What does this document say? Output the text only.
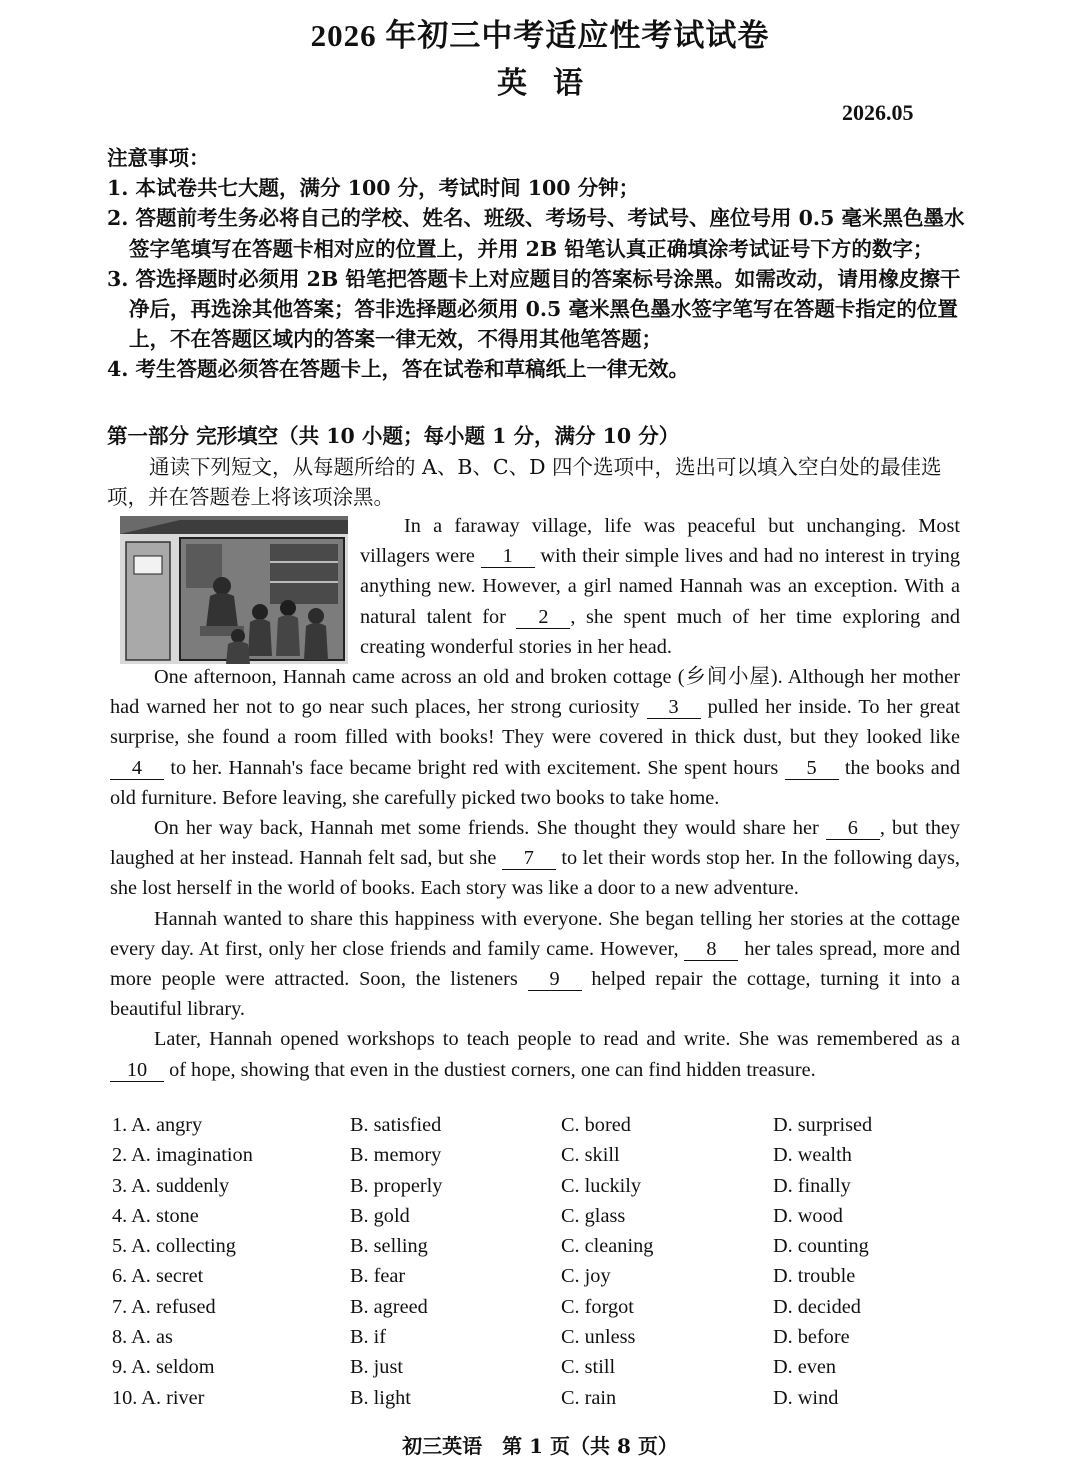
2026 年初三中考适应性考试试卷
英语
2026.05
注意事项：
1. 本试卷共七大题，满分 100 分，考试时间 100 分钟；
2. 答题前考生务必将自己的学校、姓名、班级、考场号、考试号、座位号用 0.5 毫米黑色墨水签字笔填写在答题卡相对应的位置上，并用 2B 铅笔认真正确填涂考试证号下方的数字；
3. 答选择题时必须用 2B 铅笔把答题卡上对应题目的答案标号涂黑。如需改动，请用橡皮擦干净后，再选涂其他答案；答非选择题必须用 0.5 毫米黑色墨水签字笔写在答题卡指定的位置上，不在答题区域内的答案一律无效，不得用其他笔答题；
4. 考生答题必须答在答题卡上，答在试卷和草稿纸上一律无效。
第一部分 完形填空（共 10 小题；每小题 1 分，满分 10 分）
通读下列短文，从每题所给的 A、B、C、D 四个选项中，选出可以填入空白处的最佳选项，并在答题卷上将该项涂黑。

In a faraway village, life was peaceful but unchanging. Most villagers were 1 with their simple lives and had no interest in trying anything new. However, a girl named Hannah was an exception. With a natural talent for 2 , she spent much of her time exploring and creating wonderful stories in her head.

One afternoon, Hannah came across an old and broken cottage (乡间小屋). Although her mother had warned her not to go near such places, her strong curiosity 3 pulled her inside. To her great surprise, she found a room filled with books! They were covered in thick dust, but they looked like 4 to her. Hannah's face became bright red with excitement. She spent hours 5 the books and old furniture. Before leaving, she carefully picked two books to take home.

On her way back, Hannah met some friends. She thought they would share her 6 , but they laughed at her instead. Hannah felt sad, but she 7 to let their words stop her. In the following days, she lost herself in the world of books. Each story was like a door to a new adventure.

Hannah wanted to share this happiness with everyone. She began telling her stories at the cottage every day. At first, only her close friends and family came. However, 8 her tales spread, more and more people were attracted. Soon, the listeners 9 helped repair the cottage, turning it into a beautiful library.

Later, Hannah opened workshops to teach people to read and write. She was remembered as a 10 of hope, showing that even in the dustiest corners, one can find hidden treasure.

1. A. angry	B. satisfied	C. bored	D. surprised
2. A. imagination	B. memory	C. skill	D. wealth
3. A. suddenly	B. properly	C. luckily	D. finally
4. A. stone	B. gold	C. glass	D. wood
5. A. collecting	B. selling	C. cleaning	D. counting
6. A. secret	B. fear	C. joy	D. trouble
7. A. refused	B. agreed	C. forgot	D. decided
8. A. as	B. if	C. unless	D. before
9. A. seldom	B. just	C. still	D. even
10. A. river	B. light	C. rain	D. wind
初三英语　第 1 页（共 8 页）
